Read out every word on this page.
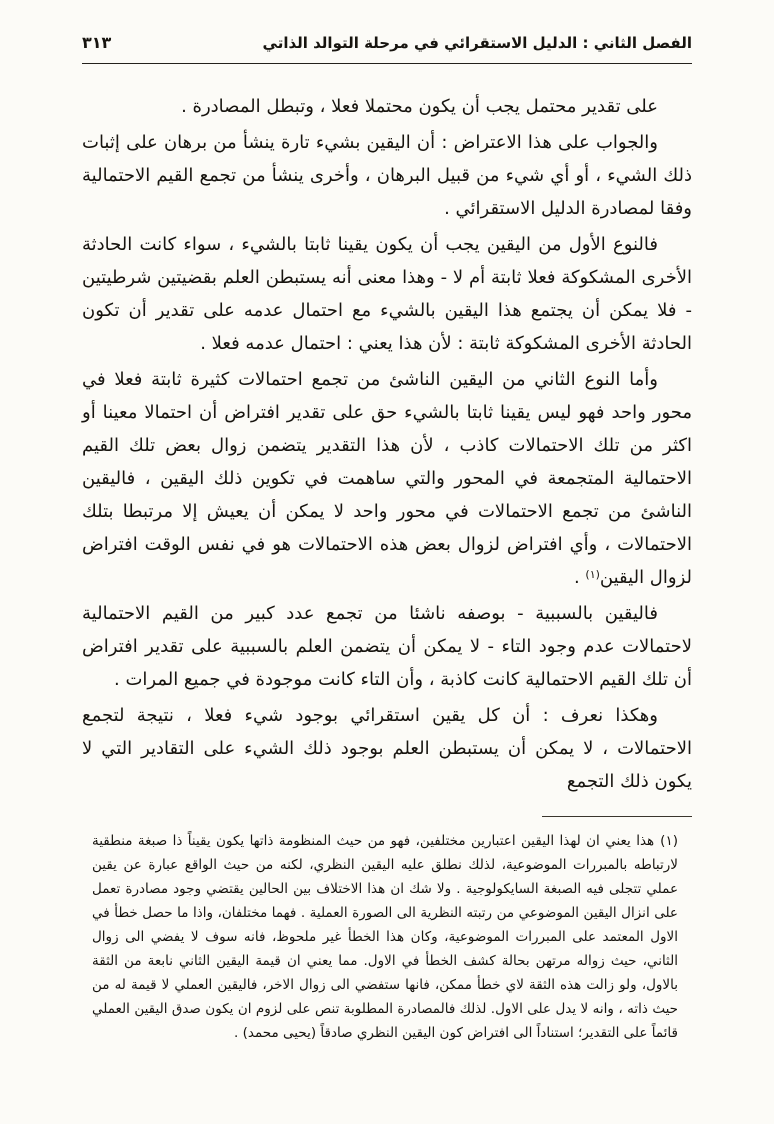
الفصل الثاني : الدليل الاستقرائي في مرحلة التوالد الذاتي
٣١٣

على تقدير محتمل يجب أن يكون محتملا فعلا ، وتبطل المصادرة .

والجواب على هذا الاعتراض : أن اليقين بشيء تارة ينشأ من برهان على إثبات ذلك الشيء ، أو أي شيء من قبيل البرهان ، وأخرى ينشأ من تجمع القيم الاحتمالية وفقا لمصادرة الدليل الاستقرائي .

فالنوع الأول من اليقين يجب أن يكون يقينا ثابتا بالشيء ، سواء كانت الحادثة الأخرى المشكوكة فعلا ثابتة أم لا - وهذا معنى أنه يستبطن العلم بقضيتين شرطيتين - فلا يمكن أن يجتمع هذا اليقين بالشيء مع احتمال عدمه على تقدير أن تكون الحادثة الأخرى المشكوكة ثابتة : لأن هذا يعني : احتمال عدمه فعلا .

وأما النوع الثاني من اليقين الناشئ من تجمع احتمالات كثيرة ثابتة فعلا في محور واحد فهو ليس يقينا ثابتا بالشيء حق على تقدير افتراض أن احتمالا معينا أو اكثر من تلك الاحتمالات كاذب ، لأن هذا التقدير يتضمن زوال بعض تلك القيم الاحتمالية المتجمعة في المحور والتي ساهمت في تكوين ذلك اليقين ، فاليقين الناشئ من تجمع الاحتمالات في محور واحد لا يمكن أن يعيش إلا مرتبطا بتلك الاحتمالات ، وأي افتراض لزوال بعض هذه الاحتمالات هو في نفس الوقت افتراض لزوال اليقين$^{(١)}$ .

فاليقين بالسببية - بوصفه ناشئا من تجمع عدد كبير من القيم الاحتمالية لاحتمالات عدم وجود التاء - لا يمكن أن يتضمن العلم بالسببية على تقدير افتراض أن تلك القيم الاحتمالية كانت كاذبة ، وأن التاء كانت موجودة في جميع المرات .

وهكذا نعرف : أن كل يقين استقرائي بوجود شيء فعلا ، نتيجة لتجمع الاحتمالات ، لا يمكن أن يستبطن العلم بوجود ذلك الشيء على التقادير التي لا يكون ذلك التجمع

(١)هذا يعني ان لهذا اليقين اعتبارين مختلفين، فهو من حيث المنظومة ذاتها يكون يقيناً ذا صبغة منطقية لارتباطه بالمبررات الموضوعية، لذلك نطلق عليه اليقين النظري، لكنه من حيث الواقع عبارة عن يقين عملي تتجلى فيه الصبغة السايكولوجية . ولا شك ان هذا الاختلاف بين الحالين يقتضي وجود مصادرة تعمل على انزال اليقين الموضوعي من رتبته النظرية الى الصورة العملية . فهما مختلفان، واذا ما حصل خطأ في الاول المعتمد على المبررات الموضوعية، وكان هذا الخطأ غير ملحوظ، فانه سوف لا يفضي الى زوال الثاني، حيث زواله مرتهن بحالة كشف الخطأ في الاول. مما يعني ان قيمة اليقين الثاني نابعة من الثقة بالاول، ولو زالت هذه الثقة لاي خطأ ممكن، فانها ستفضي الى زوال الاخر، فاليقين العملي لا قيمة له من حيث ذاته ، وانه لا يدل على الاول. لذلك فالمصادرة المطلوبة تنص على لزوم ان يكون صدق اليقين العملي قائماً على التقدير؛ استناداً الى افتراض كون اليقين النظري صادقاً (يحيى محمد) .
